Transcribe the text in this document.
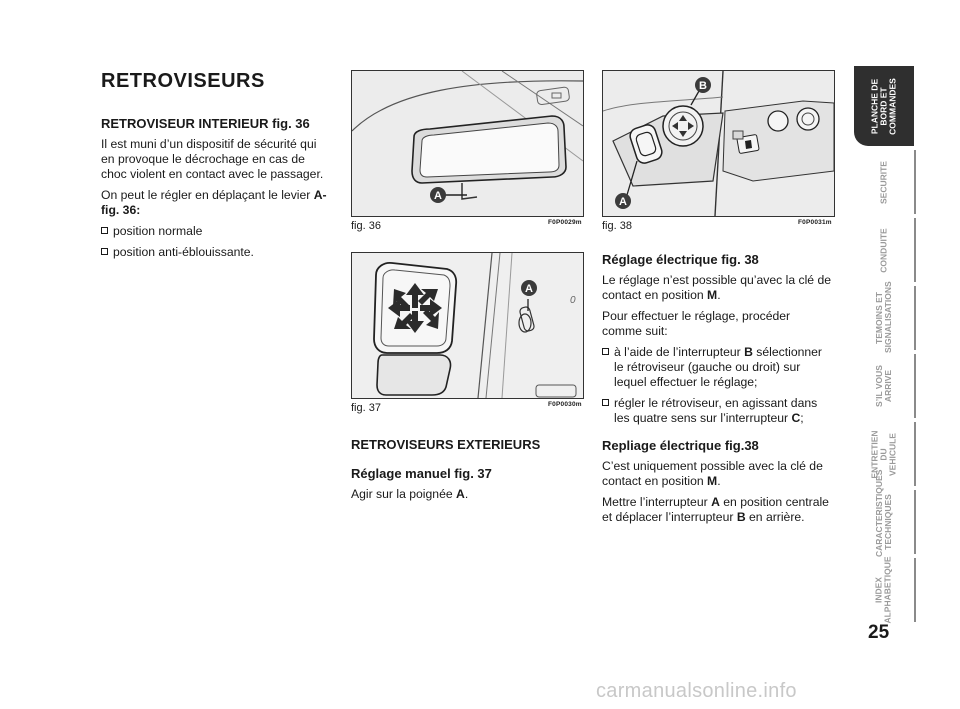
RETROVISEURS
RETROVISEUR INTERIEUR fig. 36

Il est muni d’un dispositif de sécurité qui en provoque le décrochage en cas de choc violent en contact avec le passager.

On peut le régler en déplaçant le levier A-fig. 36:

position normale
position anti-éblouissante.
A
fig. 36	F0P0029m
A
0
fig. 37	F0P0030m
RETROVISEURS EXTERIEURS
Réglage manuel fig. 37

Agir sur la poignée A.

B
A
fig. 38	F0P0031m
Réglage électrique fig. 38

Le réglage n’est possible qu’avec la clé de contact en position M.

Pour effectuer le réglage, procéder comme suit:

à l’aide de l’interrupteur B sélectionner le rétroviseur (gauche ou droit) sur lequel effectuer le réglage;
régler le rétroviseur, en agissant dans les quatre sens sur l’interrupteur C;
Repliage électrique fig.38

C’est uniquement possible avec la clé de contact en position M.

Mettre l’interrupteur A en position centrale et déplacer l’interrupteur B en arrière.

PLANCHE DE
BORD ET
COMMANDES
SECURITE
CONDUITE
TEMOINS ET
SIGNALISATIONS
S’IL VOUS
ARRIVE
ENTRETIEN DU
VEHICULE
CARACTERISTIQUES
TECHNIQUES
INDEX
ALPHABETIQUE
25
carmanualsonline.info
